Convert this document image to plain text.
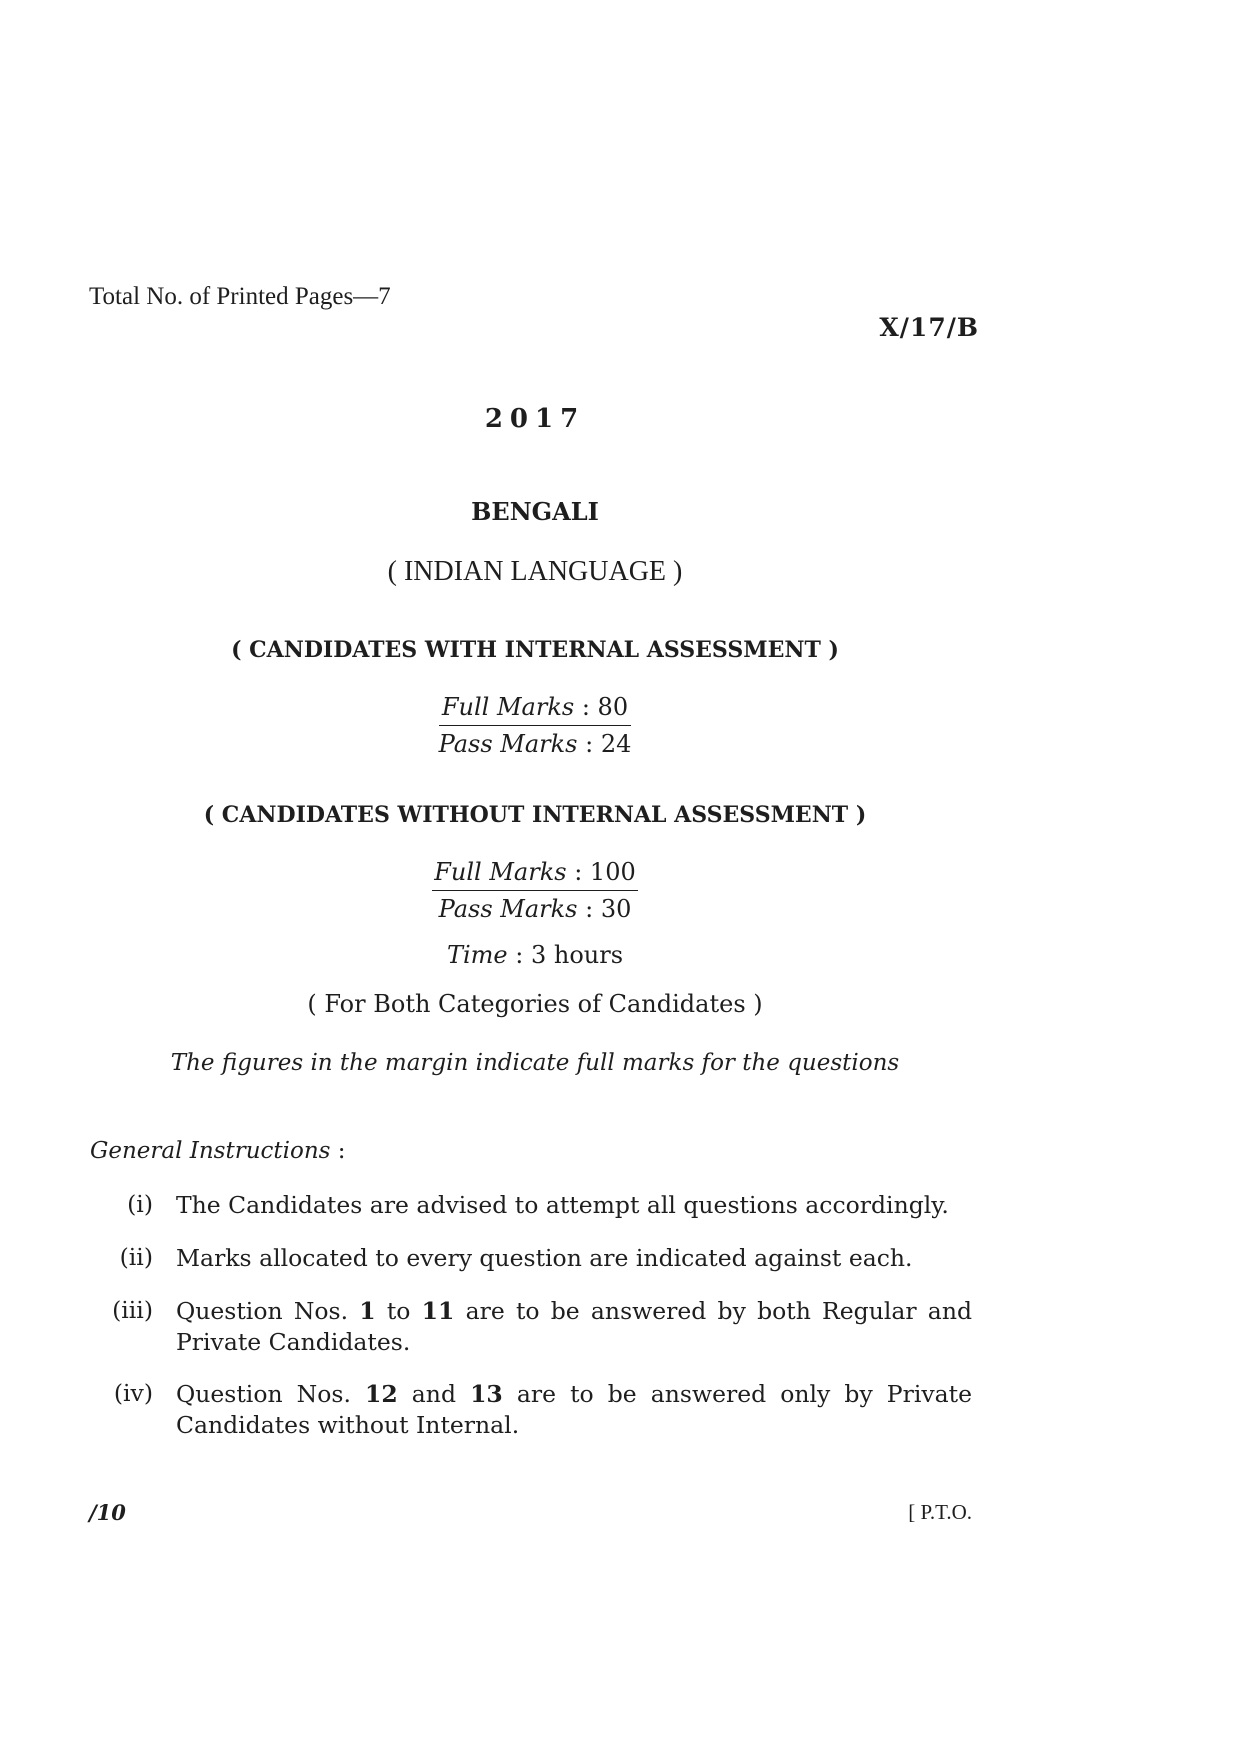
Total No. of Printed Pages—7
X/17/B
2017
BENGALI
( INDIAN LANGUAGE )
( CANDIDATES WITH INTERNAL ASSESSMENT )
Full Marks : 80
Pass Marks : 24
( CANDIDATES WITHOUT INTERNAL ASSESSMENT )
Full Marks : 100
Pass Marks : 30
Time : 3 hours
( For Both Categories of Candidates )
The figures in the margin indicate full marks for the questions
General Instructions :
(i) The Candidates are advised to attempt all questions accordingly.
(ii) Marks allocated to every question are indicated against each.
(iii) Question Nos. 1 to 11 are to be answered by both Regular and Private Candidates.
(iv) Question Nos. 12 and 13 are to be answered only by Private Candidates without Internal.
/10	[ P.T.O.
